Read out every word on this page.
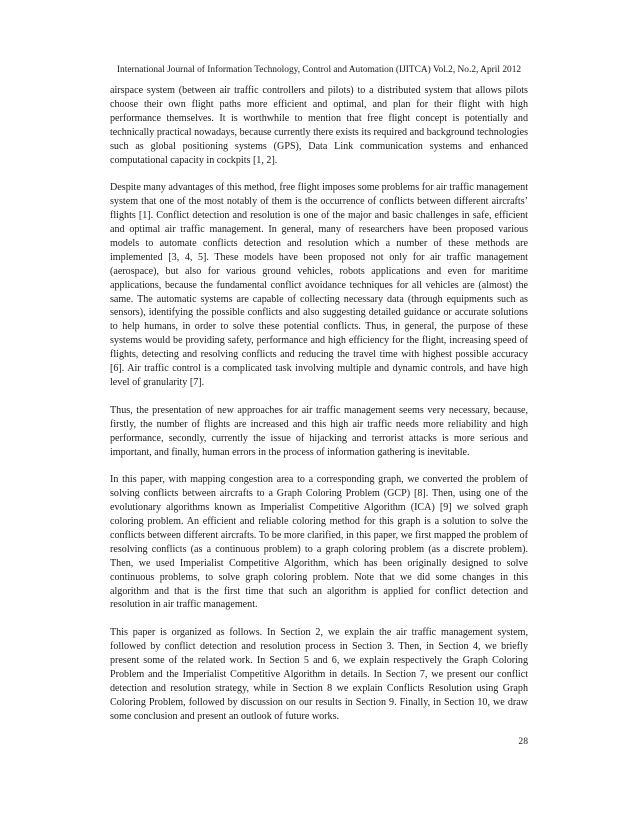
International Journal of Information Technology, Control and Automation (IJITCA) Vol.2, No.2, April 2012

airspace system (between air traffic controllers and pilots) to a distributed system that allows pilots choose their own flight paths more efficient and optimal, and plan for their flight with high performance themselves. It is worthwhile to mention that free flight concept is potentially and technically practical nowadays, because currently there exists its required and background technologies such as global positioning systems (GPS), Data Link communication systems and enhanced computational capacity in cockpits [1, 2].

Despite many advantages of this method, free flight imposes some problems for air traffic management system that one of the most notably of them is the occurrence of conflicts between different aircrafts’ flights [1]. Conflict detection and resolution is one of the major and basic challenges in safe, efficient and optimal air traffic management. In general, many of researchers have been proposed various models to automate conflicts detection and resolution which a number of these methods are implemented [3, 4, 5]. These models have been proposed not only for air traffic management (aerospace), but also for various ground vehicles, robots applications and even for maritime applications, because the fundamental conflict avoidance techniques for all vehicles are (almost) the same. The automatic systems are capable of collecting necessary data (through equipments such as sensors), identifying the possible conflicts and also suggesting detailed guidance or accurate solutions to help humans, in order to solve these potential conflicts. Thus, in general, the purpose of these systems would be providing safety, performance and high efficiency for the flight, increasing speed of flights, detecting and resolving conflicts and reducing the travel time with highest possible accuracy [6]. Air traffic control is a complicated task involving multiple and dynamic controls, and have high level of granularity [7].

Thus, the presentation of new approaches for air traffic management seems very necessary, because, firstly, the number of flights are increased and this high air traffic needs more reliability and high performance, secondly, currently the issue of hijacking and terrorist attacks is more serious and important, and finally, human errors in the process of information gathering is inevitable.

In this paper, with mapping congestion area to a corresponding graph, we converted the problem of solving conflicts between aircrafts to a Graph Coloring Problem (GCP) [8]. Then, using one of the evolutionary algorithms known as Imperialist Competitive Algorithm (ICA) [9] we solved graph coloring problem. An efficient and reliable coloring method for this graph is a solution to solve the conflicts between different aircrafts. To be more clarified, in this paper, we first mapped the problem of resolving conflicts (as a continuous problem) to a graph coloring problem (as a discrete problem). Then, we used Imperialist Competitive Algorithm, which has been originally designed to solve continuous problems, to solve graph coloring problem. Note that we did some changes in this algorithm and that is the first time that such an algorithm is applied for conflict detection and resolution in air traffic management.

This paper is organized as follows. In Section 2, we explain the air traffic management system, followed by conflict detection and resolution process in Section 3. Then, in Section 4, we briefly present some of the related work. In Section 5 and 6, we explain respectively the Graph Coloring Problem and the Imperialist Competitive Algorithm in details. In Section 7, we present our conflict detection and resolution strategy, while in Section 8 we explain Conflicts Resolution using Graph Coloring Problem, followed by discussion on our results in Section 9. Finally, in Section 10, we draw some conclusion and present an outlook of future works.

28
